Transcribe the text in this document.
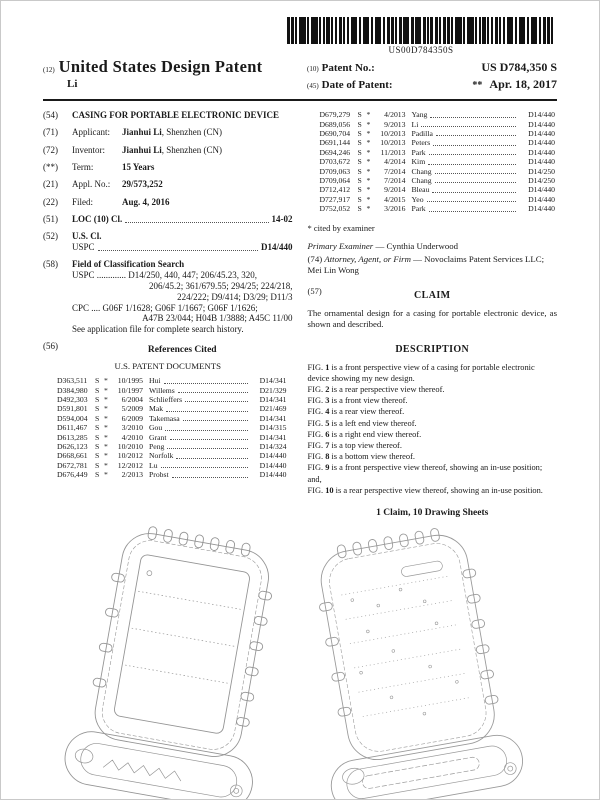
US00D784350S
(12) United States Design Patent
Li
(10) Patent No.:	US D784,350 S
(45) Date of Patent:	** Apr. 18, 2017
(54)	CASING FOR PORTABLE ELECTRONIC DEVICE
(71)	Applicant: Jianhui Li, Shenzhen (CN)
(72)	Inventor: Jianhui Li, Shenzhen (CN)
(**)	Term:	15 Years
(21)	Appl. No.: 29/573,252
(22)	Filed:	Aug. 4, 2016
(51)	LOC (10) Cl.	14-02
(52)	U.S. Cl.
USPC	D14/440
(58)	Field of Classification Search
USPC ............. D14/250, 440, 447; 206/45.23, 320,
206/45.2; 361/679.55; 294/25; 224/218,
224/222; D9/414; D3/29; D11/3
CPC .... G06F 1/1628; G06F 1/1667; G06F 1/1626;
A47B 23/044; H04B 1/3888; A45C 11/00
See application file for complete search history.
(56)	References Cited
U.S. PATENT DOCUMENTS
D363,511	S *	10/1995 Hui	D14/341
D384,980 S *	10/1997 Willems	D21/329
D492,303 S *	6/2004 Schlieffers	D14/341
D591,801 S *	5/2009 Mak	D21/469
D594,004 S *	6/2009 Takemasa	D14/341
D611,467	S *	3/2010 Gou	D14/315
D613,285 S *	4/2010 Grant	D14/341
D626,123 S *	10/2010 Peng	D14/324
D668,661 S *	10/2012 Norfolk	D14/440
D672,781 S *	12/2012 Lu	D14/440
D676,449 S *	2/2013 Probst	D14/440
D679,279 S *	4/2013 Yang	D14/440
D689,056 S *	9/2013 Li	D14/440
D690,704 S *	10/2013 Padilla	D14/440
D691,144 S *	10/2013 Peters	D14/440
D694,246 S *	11/2013 Park	D14/440
D703,672 S *	4/2014 Kim	D14/440
D709,063 S *	7/2014 Chang	D14/250
D709,064 S *	7/2014 Chang	D14/250
D712,412 S *	9/2014 Bleau	D14/440
D727,917 S *	4/2015 Yeo	D14/440
D752,052 S *	3/2016 Park	D14/440
* cited by examiner
Primary Examiner — Cynthia Underwood
(74) Attorney, Agent, or Firm — Novoclaims Patent Services LLC; Mei Lin Wong
(57)	CLAIM
The ornamental design for a casing for portable electronic device, as shown and described.
DESCRIPTION
FIG. 1 is a front perspective view of a casing for portable electronic device showing my new design.
FIG. 2 is a rear perspective view thereof.
FIG. 3 is a front view thereof.
FIG. 4 is a rear view thereof.
FIG. 5 is a left end view thereof.
FIG. 6 is a right end view thereof.
FIG. 7 is a top view thereof.
FIG. 8 is a bottom view thereof.
FIG. 9 is a front perspective view thereof, showing an in-use position; and,
FIG. 10 is a rear perspective view thereof, showing an in-use position.
1 Claim, 10 Drawing Sheets
